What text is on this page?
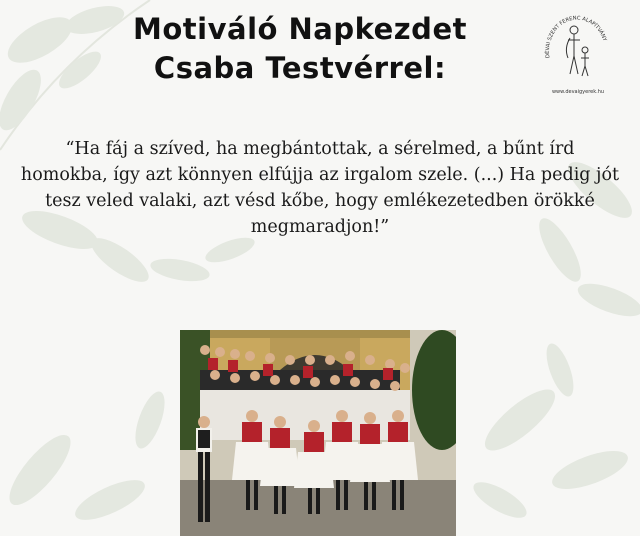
Motiváló Napkezdet
Csaba Testvérrel:	DÉVAI SZENT FERENC ALAPÍTVÁNY
www.devaigyerek.hu
“Ha fáj a szíved, ha megbántottak, a sérelmed, a bűnt írd homokba, így azt könnyen elfújja az irgalom szele. (...) Ha pedig jót tesz veled valaki, azt vésd kőbe, hogy emlékezetedben örökké megmaradjon!”
